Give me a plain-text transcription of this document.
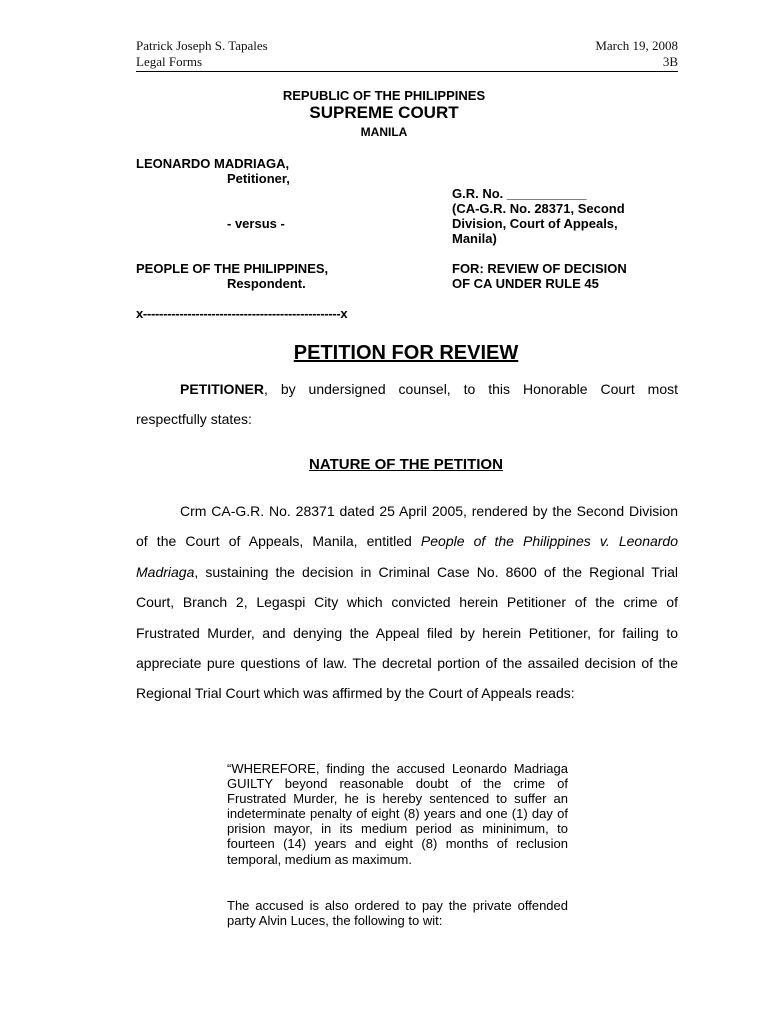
Patrick Joseph S. Tapales
Legal Forms
March 19, 2008
3B
REPUBLIC OF THE PHILIPPINES
SUPREME COURT
MANILA
LEONARDO MADRIAGA,
Petitioner,
G.R. No. ___________
(CA-G.R. No. 28371, Second
- versus -	Division, Court of Appeals,
Manila)
PEOPLE OF THE PHILIPPINES,	FOR: REVIEW OF DECISION
Respondent.	OF CA UNDER RULE 45
x-------------------------------------------------x
PETITION FOR REVIEW
PETITIONER, by undersigned counsel, to this Honorable Court most respectfully states:
NATURE OF THE PETITION
Crm CA-G.R. No. 28371 dated 25 April 2005, rendered by the Second Division of the Court of Appeals, Manila, entitled People of the Philippines v. Leonardo Madriaga, sustaining the decision in Criminal Case No. 8600 of the Regional Trial Court, Branch 2, Legaspi City which convicted herein Petitioner of the crime of Frustrated Murder, and denying the Appeal filed by herein Petitioner, for failing to appreciate pure questions of law. The decretal portion of the assailed decision of the Regional Trial Court which was affirmed by the Court of Appeals reads:
“WHEREFORE, finding the accused Leonardo Madriaga GUILTY beyond reasonable doubt of the crime of Frustrated Murder, he is hereby sentenced to suffer an indeterminate penalty of eight (8) years and one (1) day of prision mayor, in its medium period as mininimum, to fourteen (14) years and eight (8) months of reclusion temporal, medium as maximum.
The accused is also ordered to pay the private offended party Alvin Luces, the following to wit:
